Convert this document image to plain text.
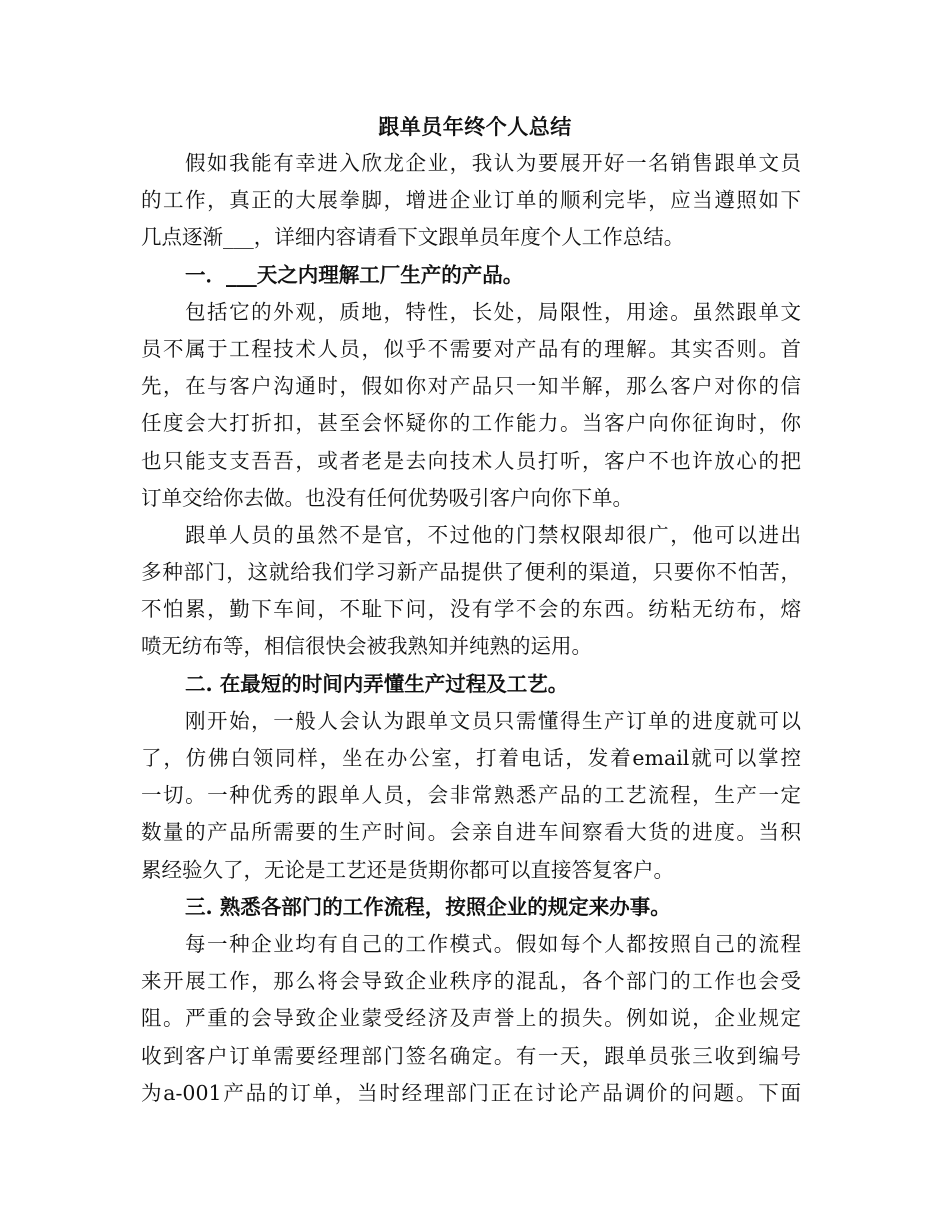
跟单员年终个人总结
假如我能有幸进入欣龙企业，我认为要展开好一名销售跟单文员
的工作，真正的大展拳脚，增进企业订单的顺利完毕，应当遵照如下
几点逐渐___，详细内容请看下文跟单员年度个人工作总结。
一．___天之内理解工厂生产的产品。
包括它的外观，质地，特性，长处，局限性，用途。虽然跟单文
员不属于工程技术人员，似乎不需要对产品有的理解。其实否则。首
先，在与客户沟通时，假如你对产品只一知半解，那么客户对你的信
任度会大打折扣，甚至会怀疑你的工作能力。当客户向你征询时，你
也只能支支吾吾，或者老是去向技术人员打听，客户不也许放心的把
订单交给你去做。也没有任何优势吸引客户向你下单。
跟单人员的虽然不是官，不过他的门禁权限却很广，他可以进出
多种部门，这就给我们学习新产品提供了便利的渠道，只要你不怕苦，
不怕累，勤下车间，不耻下问，没有学不会的东西。纺粘无纺布，熔
喷无纺布等，相信很快会被我熟知并纯熟的运用。
二. 在最短的时间内弄懂生产过程及工艺。
刚开始，一般人会认为跟单文员只需懂得生产订单的进度就可以
了，仿佛白领同样，坐在办公室，打着电话，发着email就可以掌控
一切。一种优秀的跟单人员，会非常熟悉产品的工艺流程，生产一定
数量的产品所需要的生产时间。会亲自进车间察看大货的进度。当积
累经验久了，无论是工艺还是货期你都可以直接答复客户。
三. 熟悉各部门的工作流程，按照企业的规定来办事。
每一种企业均有自己的工作模式。假如每个人都按照自己的流程
来开展工作，那么将会导致企业秩序的混乱，各个部门的工作也会受
阻。严重的会导致企业蒙受经济及声誉上的损失。例如说，企业规定
收到客户订单需要经理部门签名确定。有一天，跟单员张三收到编号
为a-001产品的订单，当时经理部门正在讨论产品调价的问题。下面
